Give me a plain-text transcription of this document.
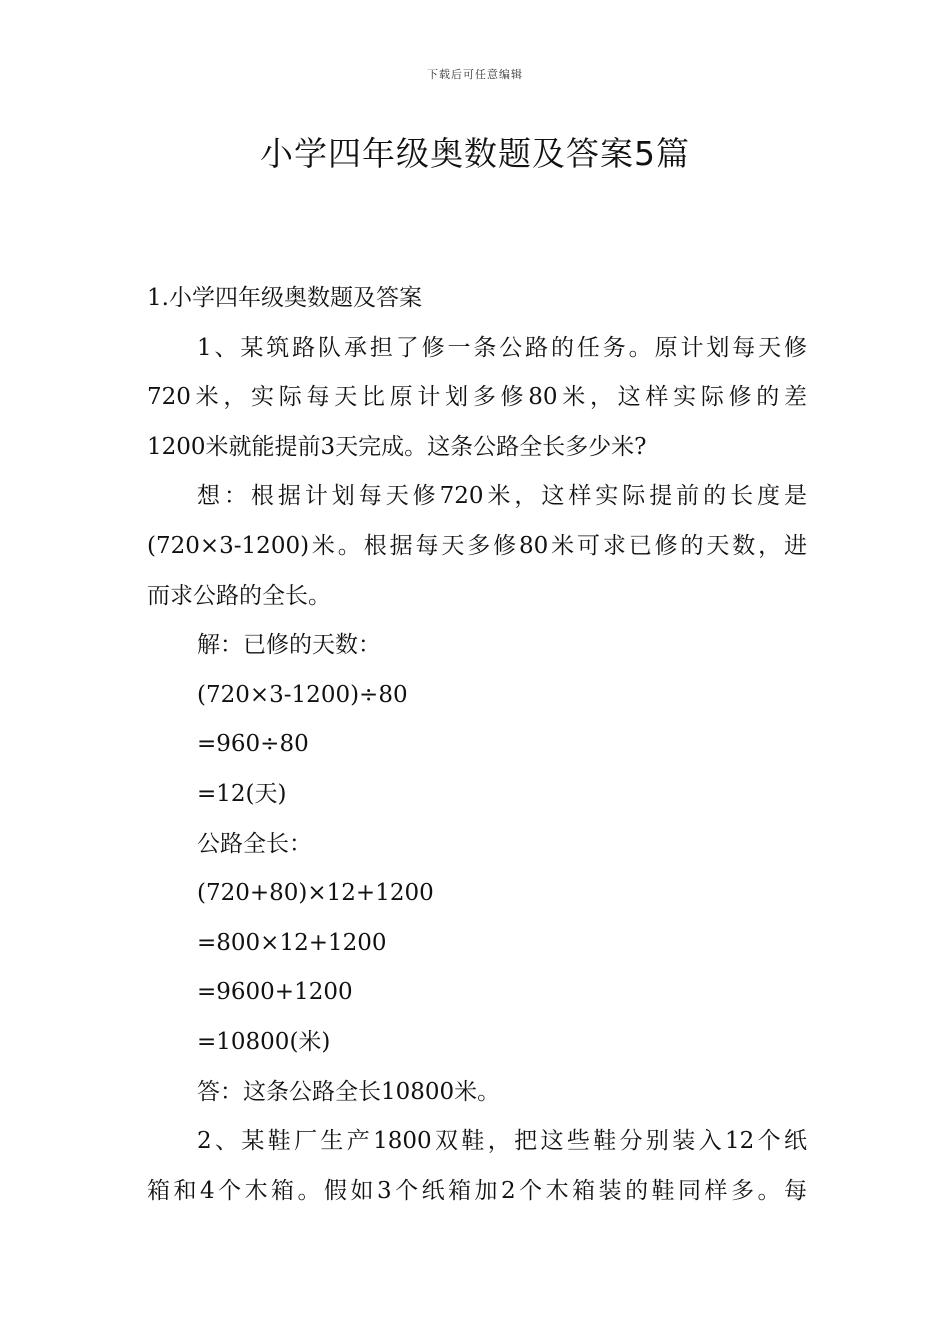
下载后可任意编辑
小学四年级奥数题及答案5篇
1.小学四年级奥数题及答案
1、某筑路队承担了修一条公路的任务。原计划每天修
720米，实际每天比原计划多修80米，这样实际修的差
1200米就能提前3天完成。这条公路全长多少米?
想：根据计划每天修720米，这样实际提前的长度是
(720×3-1200)米。根据每天多修80米可求已修的天数，进
而求公路的全长。
解：已修的天数：
(720×3-1200)÷80
=960÷80
=12(天)
公路全长：
(720+80)×12+1200
=800×12+1200
=9600+1200
=10800(米)
答：这条公路全长10800米。
2、某鞋厂生产1800双鞋，把这些鞋分别装入12个纸
箱和4个木箱。假如3个纸箱加2个木箱装的鞋同样多。每
